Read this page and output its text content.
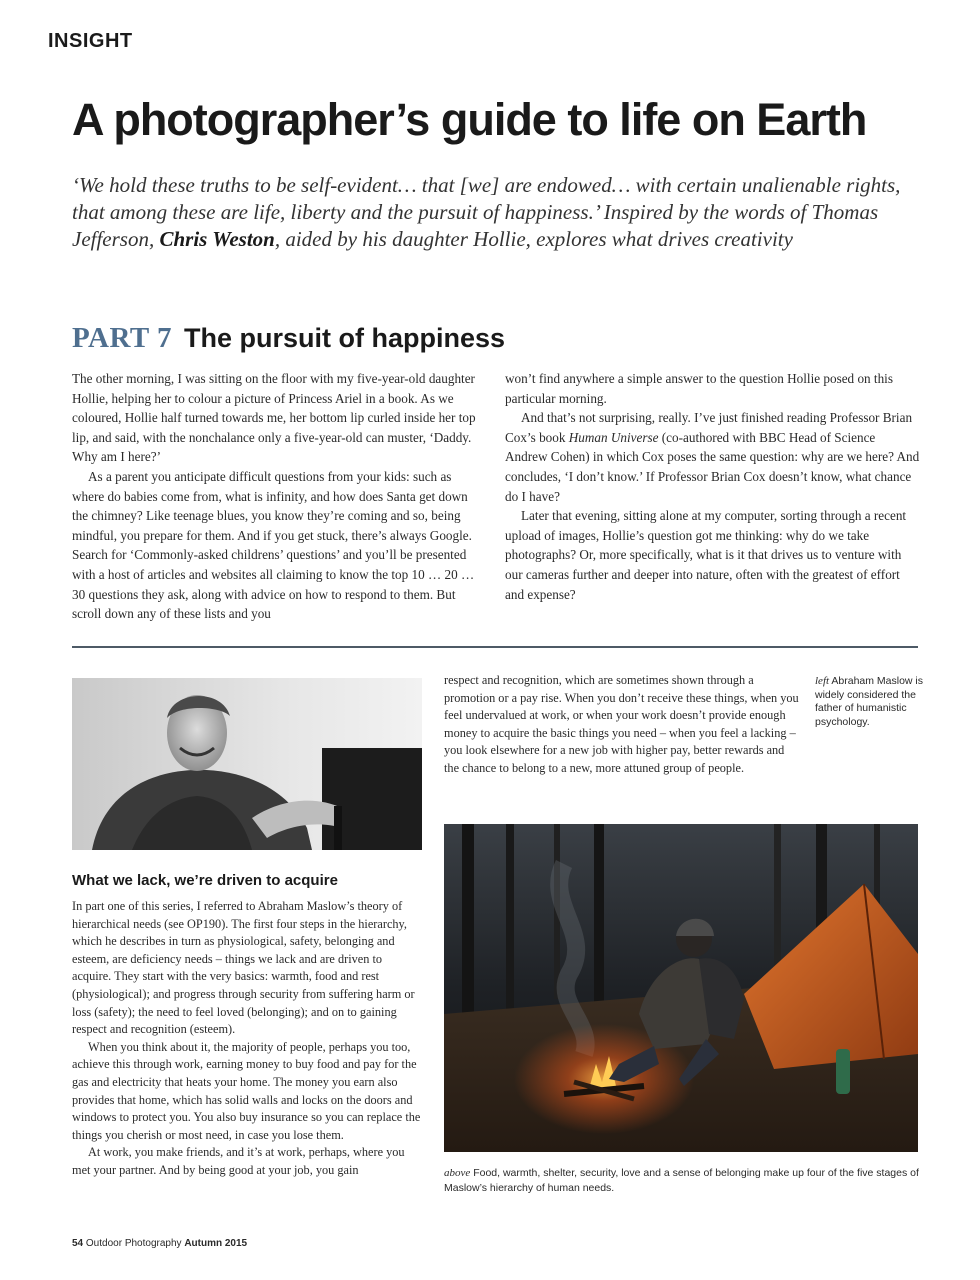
INSIGHT
A photographer’s guide to life on Earth

‘We hold these truths to be self-evident… that [we] are endowed… with certain unalienable rights, that among these are life, liberty and the pursuit of happiness.’ Inspired by the words of Thomas Jefferson, Chris Weston, aided by his daughter Hollie, explores what drives creativity

PART 7 The pursuit of happiness

The other morning, I was sitting on the floor with my five-year-old daughter Hollie, helping her to colour a picture of Princess Ariel in a book. As we coloured, Hollie half turned towards me, her bottom lip curled inside her top lip, and said, with the nonchalance only a five-year-old can muster, ‘Daddy. Why am I here?’

As a parent you anticipate difficult questions from your kids: such as where do babies come from, what is infinity, and how does Santa get down the chimney? Like teenage blues, you know they’re coming and so, being mindful, you prepare for them. And if you get stuck, there’s always Google. Search for ‘Commonly-asked childrens’ questions’ and you’ll be presented with a host of articles and websites all claiming to know the top 10 … 20 … 30 questions they ask, along with advice on how to respond to them. But scroll down any of these lists and you

won’t find anywhere a simple answer to the question Hollie posed on this particular morning.

And that’s not surprising, really. I’ve just finished reading Professor Brian Cox’s book Human Universe (co-authored with BBC Head of Science Andrew Cohen) in which Cox poses the same question: why are we here? And concludes, ‘I don’t know.’ If Professor Brian Cox doesn’t know, what chance do I have?

Later that evening, sitting alone at my computer, sorting through a recent upload of images, Hollie’s question got me thinking: why do we take photographs? Or, more specifically, what is it that drives us to venture with our cameras further and deeper into nature, often with the greatest of effort and expense?

What we lack, we’re driven to acquire

In part one of this series, I referred to Abraham Maslow’s theory of hierarchical needs (see OP190). The first four steps in the hierarchy, which he describes in turn as physiological, safety, belonging and esteem, are deficiency needs – things we lack and are driven to acquire. They start with the very basics: warmth, food and rest (physiological); and progress through security from suffering harm or loss (safety); the need to feel loved (belonging); and on to gaining respect and recognition (esteem).

When you think about it, the majority of people, perhaps you too, achieve this through work, earning money to buy food and pay for the gas and electricity that heats your home. The money you earn also provides that home, which has solid walls and locks on the doors and windows to protect you. You also buy insurance so you can replace the things you cherish or most need, in case you lose them.

At work, you make friends, and it’s at work, perhaps, where you met your partner. And by being good at your job, you gain

respect and recognition, which are sometimes shown through a promotion or a pay rise. When you don’t receive these things, when you feel undervalued at work, or when your work doesn’t provide enough money to acquire the basic things you need – when you feel a lacking – you look elsewhere for a new job with higher pay, better rewards and the chance to belong to a new, more attuned group of people.

left Abraham Maslow is widely considered the father of humanistic psychology.
above Food, warmth, shelter, security, love and a sense of belonging make up four of the five stages of Maslow’s hierarchy of human needs.
54 Outdoor Photography Autumn 2015
